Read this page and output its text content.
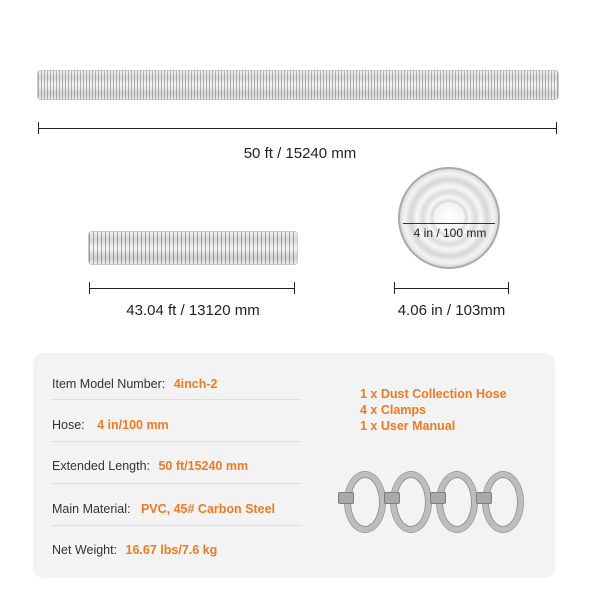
50 ft / 15240 mm
43.04 ft / 13120 mm
4 in / 100 mm
4.06 in / 103mm
Item Model Number: 4inch-2
Hose: 4 in/100 mm
Extended Length: 50 ft/15240 mm
Main Material: PVC, 45# Carbon Steel
Net Weight: 16.67 lbs/7.6 kg
1 x Dust Collection Hose
4 x Clamps
1 x User Manual
